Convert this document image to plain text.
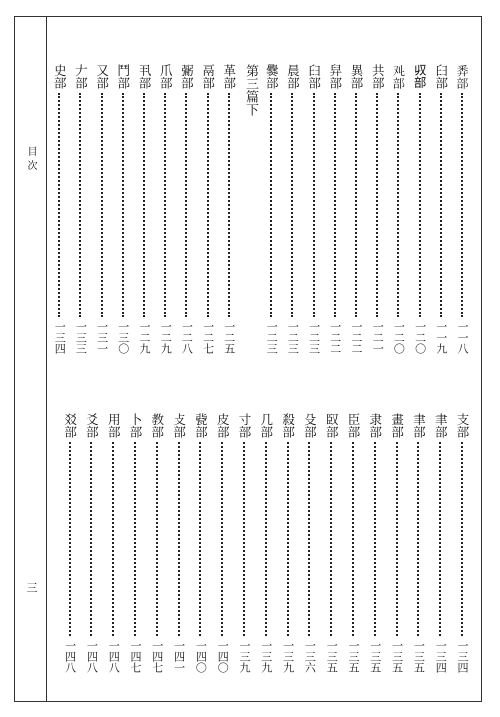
目次
三
𢍏部
一一八
𦥑部
一一九
𠬞部
一二〇
𠬜部
一二〇
共部
一二一
異部
一二二
舁部
一二二
𦥑部
一二三
晨部
一二三
爨部
一二三
第三篇下
革部
一二五
鬲部
一二七
䰜部
一二八
爪部
一二九
丮部
一二九
鬥部
一三〇
又部
一三一
𠂇部
一三三
史部
一三四
支部
一三四
聿部
一三四
聿部
一三五
畫部
一三五
隶部
一三五
臣部
一三五
臤部
一三五
殳部
一三六
殺部
一三九
几部
一三九
寸部
一三九
皮部
一四〇
㼱部
一四〇
攴部
一四一
教部
一四七
卜部
一四七
用部
一四八
爻部
一四八
㸚部
一四八
